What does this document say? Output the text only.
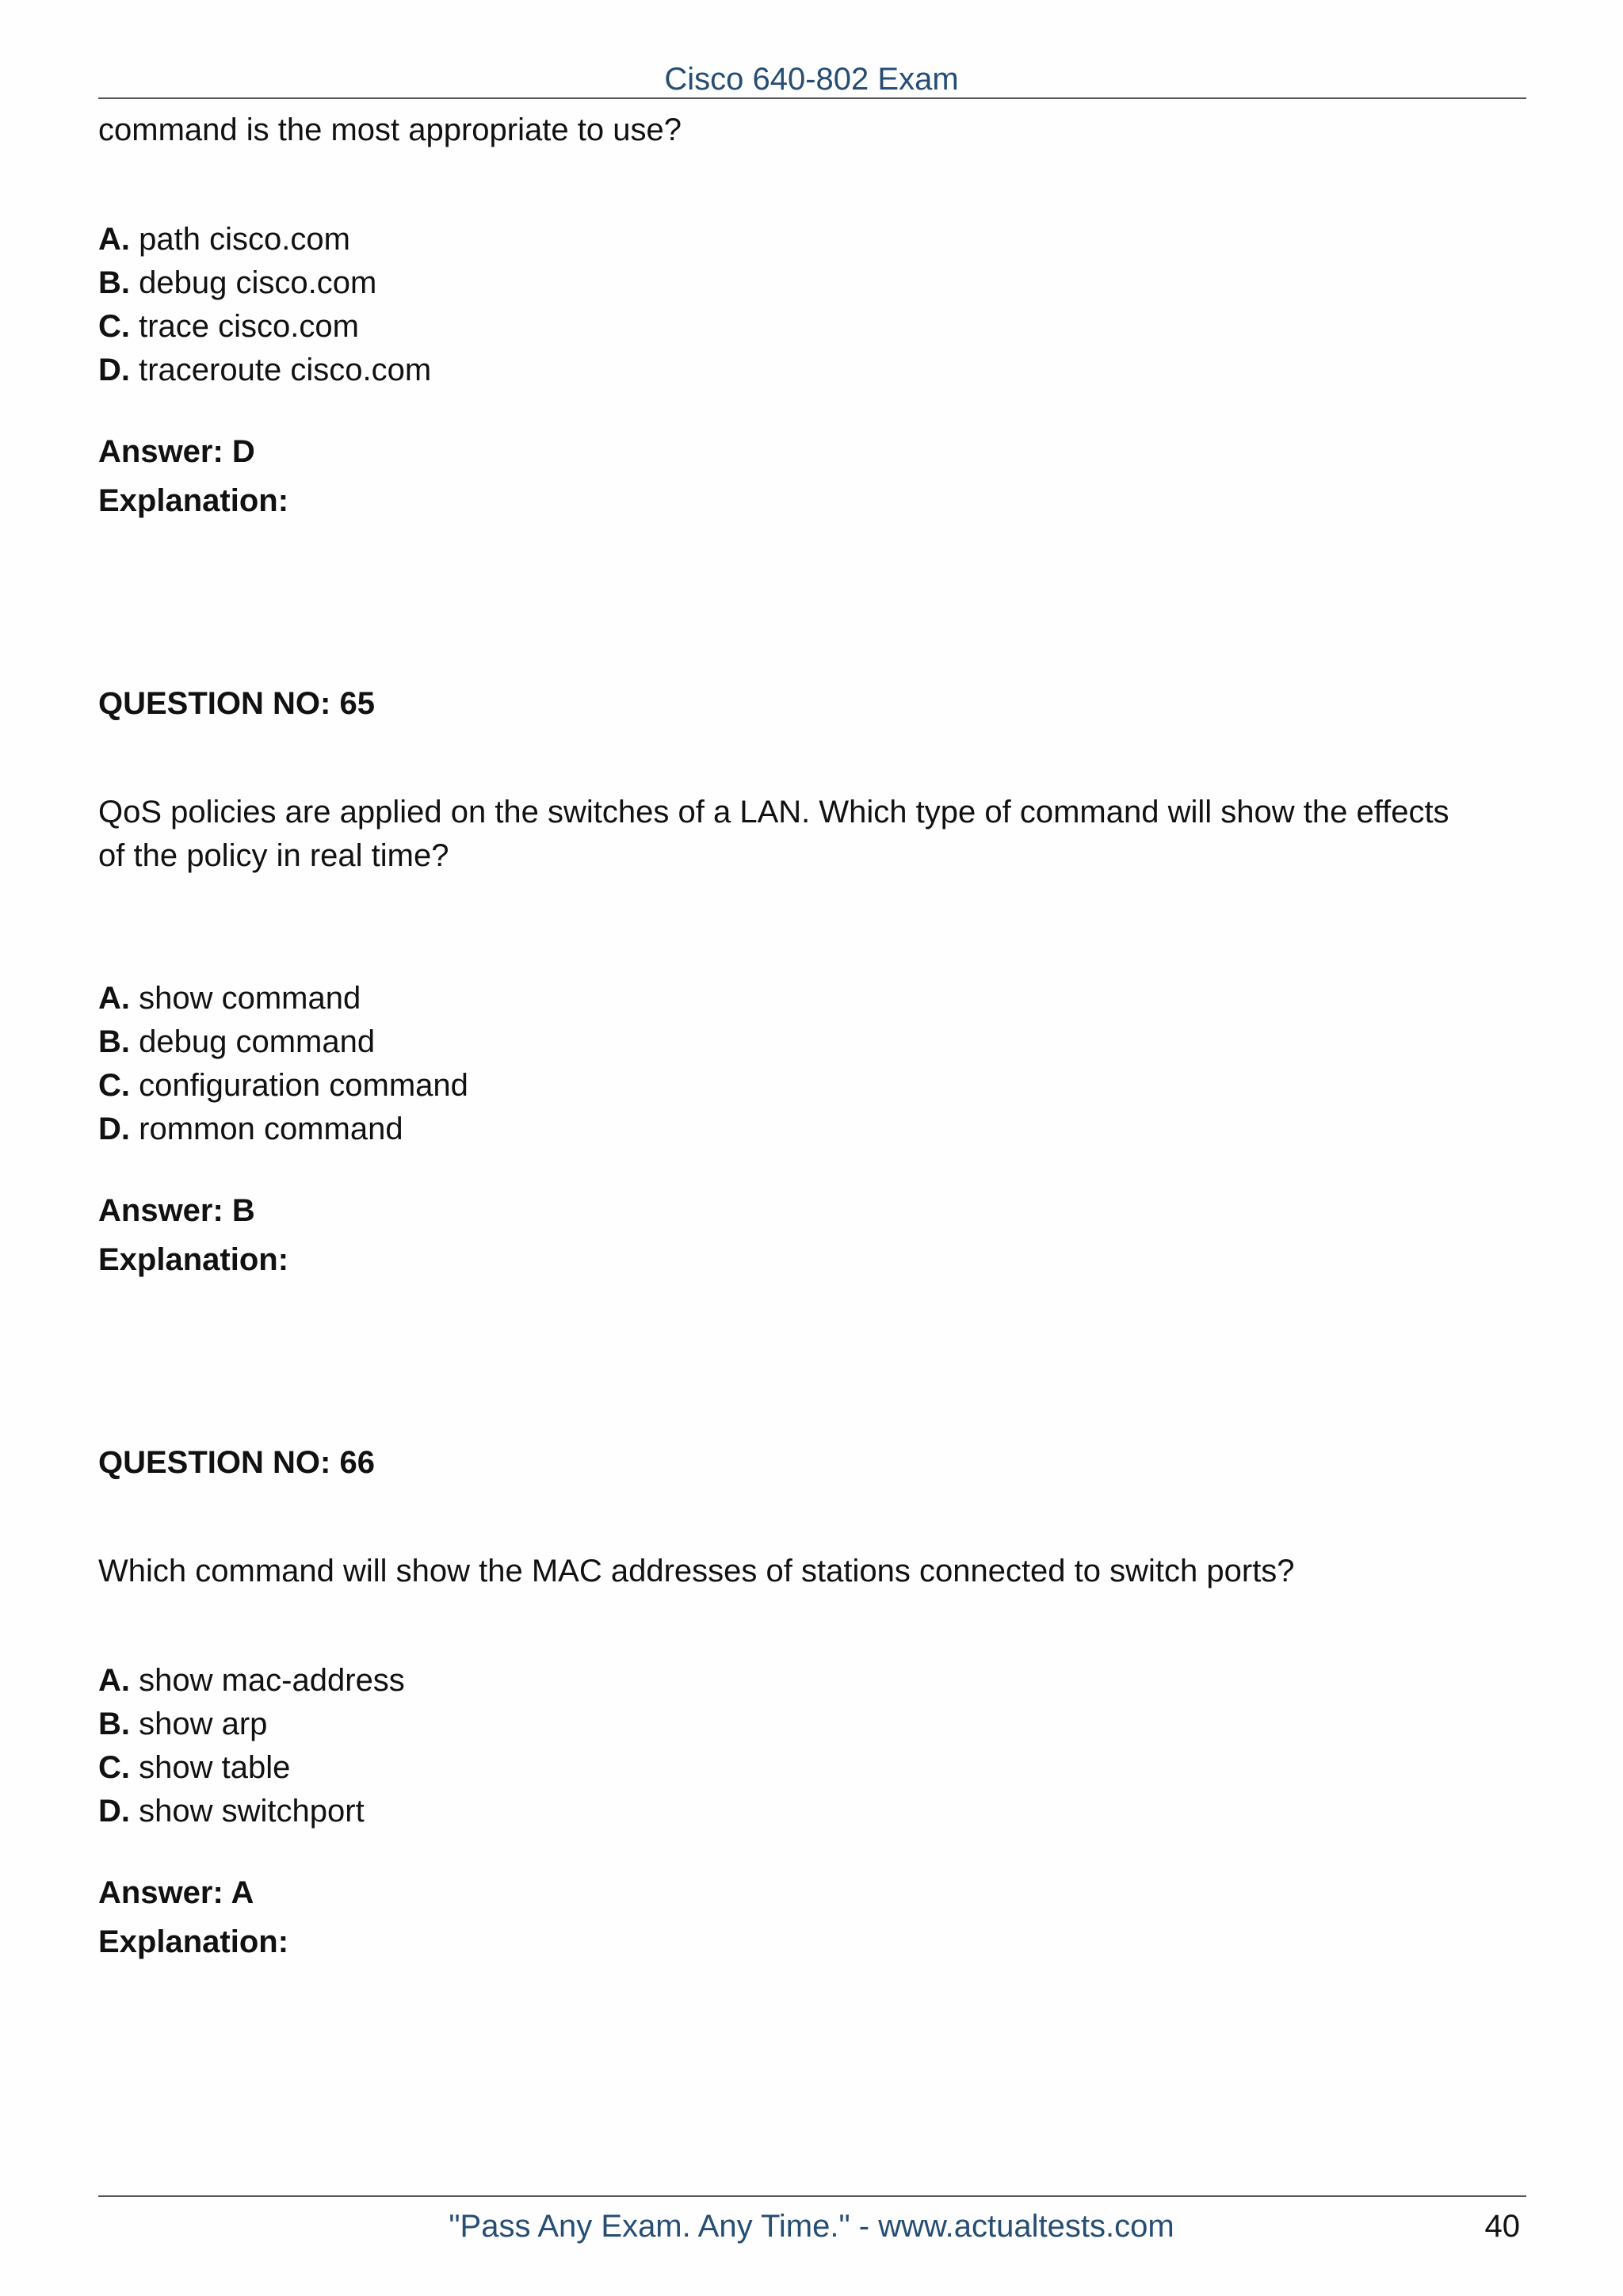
Cisco 640-802 Exam
command is the most appropriate to use?
A. path cisco.com
B. debug cisco.com
C. trace cisco.com
D. traceroute cisco.com
Answer: D
Explanation:
QUESTION NO: 65
QoS policies are applied on the switches of a LAN. Which type of command will show the effects
of the policy in real time?
A. show command
B. debug command
C. configuration command
D. rommon command
Answer: B
Explanation:
QUESTION NO: 66
Which command will show the MAC addresses of stations connected to switch ports?
A. show mac-address
B. show arp
C. show table
D. show switchport
Answer: A
Explanation:
"Pass Any Exam. Any Time." - www.actualtests.com	40
